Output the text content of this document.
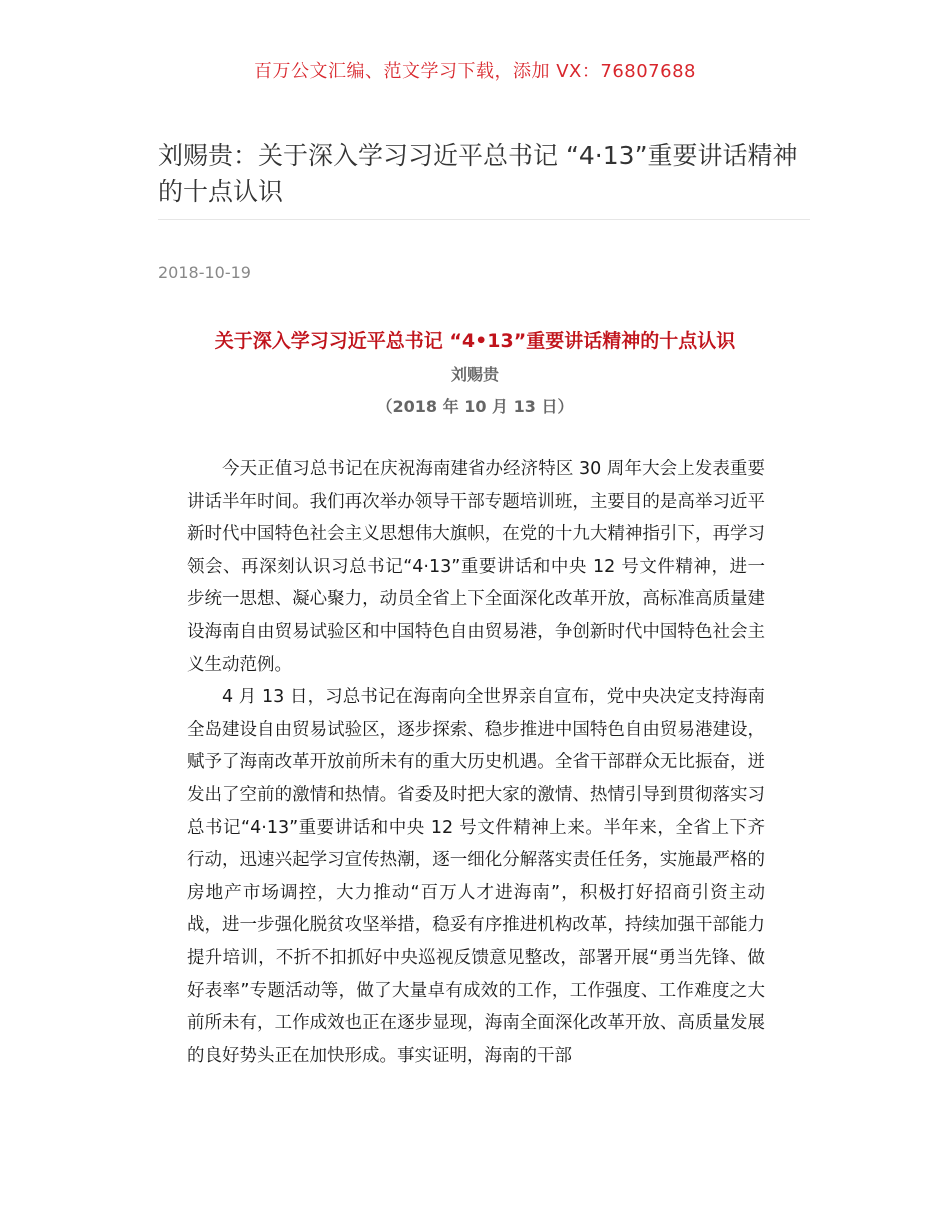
百万公文汇编、范文学习下载，添加 VX：76807688
刘赐贵：关于深入学习习近平总书记 “4·13”重要讲话精神的十点认识
2018-10-19
关于深入学习习近平总书记 “4•13”重要讲话精神的十点认识
刘赐贵
（2018 年 10 月 13 日）

今天正值习总书记在庆祝海南建省办经济特区 30 周年大会上发表重要讲话半年时间。我们再次举办领导干部专题培训班，主要目的是高举习近平新时代中国特色社会主义思想伟大旗帜，在党的十九大精神指引下，再学习领会、再深刻认识习总书记“4·13”重要讲话和中央 12 号文件精神，进一步统一思想、凝心聚力，动员全省上下全面深化改革开放，高标准高质量建设海南自由贸易试验区和中国特色自由贸易港，争创新时代中国特色社会主义生动范例。

4 月 13 日，习总书记在海南向全世界亲自宣布，党中央决定支持海南全岛建设自由贸易试验区，逐步探索、稳步推进中国特色自由贸易港建设，赋予了海南改革开放前所未有的重大历史机遇。全省干部群众无比振奋，迸发出了空前的激情和热情。省委及时把大家的激情、热情引导到贯彻落实习总书记“4·13”重要讲话和中央 12 号文件精神上来。半年来，全省上下齐行动，迅速兴起学习宣传热潮，逐一细化分解落实责任任务，实施最严格的房地产市场调控，大力推动“百万人才进海南”，积极打好招商引资主动战，进一步强化脱贫攻坚举措，稳妥有序推进机构改革，持续加强干部能力提升培训，不折不扣抓好中央巡视反馈意见整改，部署开展“勇当先锋、做好表率”专题活动等，做了大量卓有成效的工作，工作强度、工作难度之大前所未有，工作成效也正在逐步显现，海南全面深化改革开放、高质量发展的良好势头正在加快形成。事实证明，海南的干部
